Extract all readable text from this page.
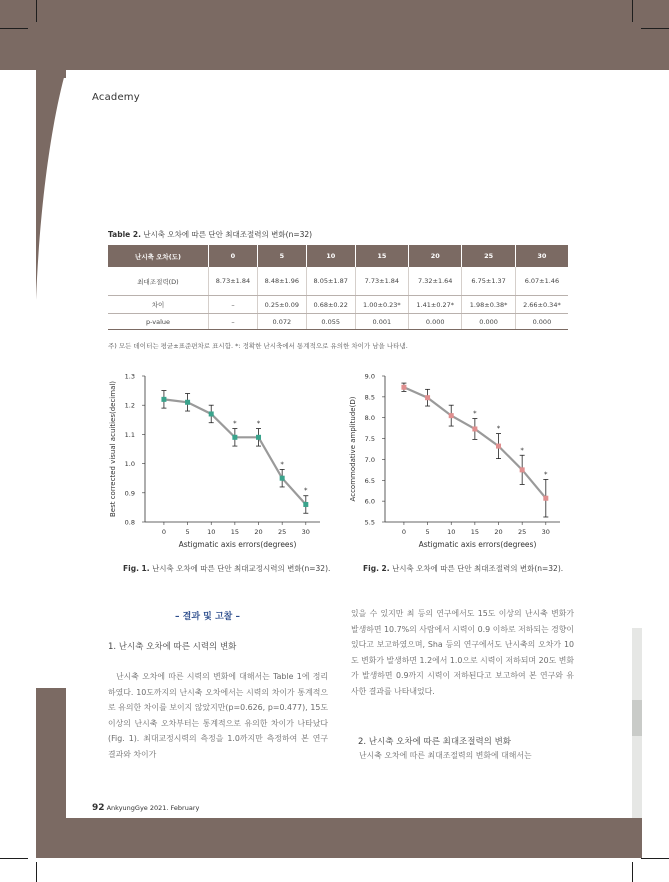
Academy
Table 2. 난시축 오차에 따른 단안 최대조절력의 변화(n=32)
난시축 오차(도)	0	5	10	15	20	25	30
최대조절력(D)	8.73±1.84	8.48±1.96	8.05±1.87	7.73±1.84	7.32±1.64	6.75±1.37	6.07±1.46
차이	–	0.25±0.09	0.68±0.22	1.00±0.23*	1.41±0.27*	1.98±0.38*	2.66±0.34*
p-value	–	0.072	0.055	0.001	0.000	0.000	0.000
주) 모든 데이터는 평균±표준편차로 표시함. *: 정확한 난시축에서 통계적으로 유의한 차이가 남을 나타냄.
0.8
0.9
1.0
1.1
1.2
1.3
0	5	10 15 20 25 30
Astigmatic axis errors(degrees)
Best corrected visual acuities(decimal)	*	*
*
*
5.5
6.0
6.5
7.0
7.5
8.0
8.5
9.0
0	5	10 15 20 25 30
Astigmatic axis errors(degrees)
Accommodative amplitude(D)	*
*
*
*
Fig. 1. 난시축 오차에 따른 단안 최대교정시력의 변화(n=32).	Fig. 2. 난시축 오차에 따른 단안 최대조절력의 변화(n=32).
– 결과 및 고찰 –
1. 난시축 오차에 따른 시력의 변화
난시축 오차에 따른 시력의 변화에 대해서는 Table 1에 정리하였다. 10도까지의 난시축 오차에서는 시력의 차이가 통계적으로 유의한 차이를 보이지 않았지만(p=0.626, p=0.477), 15도 이상의 난시축 오차부터는 통계적으로 유의한 차이가 나타났다(Fig. 1). 최대교정시력의 측정을 1.0까지만 측정하여 본 연구 결과와 차이가
있을 수 있지만 최 등의 연구에서도 15도 이상의 난시축 변화가 발생하면 10.7%의 사람에서 시력이 0.9 이하로 저하되는 경향이 있다고 보고하였으며, Sha 등의 연구에서도 난시축의 오차가 10도 변화가 발생하면 1.2에서 1.0으로 시력이 저하되며 20도 변화가 발생하면 0.9까지 시력이 저하된다고 보고하여 본 연구와 유사한 결과를 나타내었다.
2. 난시축 오차에 따른 최대조절력의 변화
난시축 오차에 따른 최대조절력의 변화에 대해서는
92 AnkyungGye 2021. February
